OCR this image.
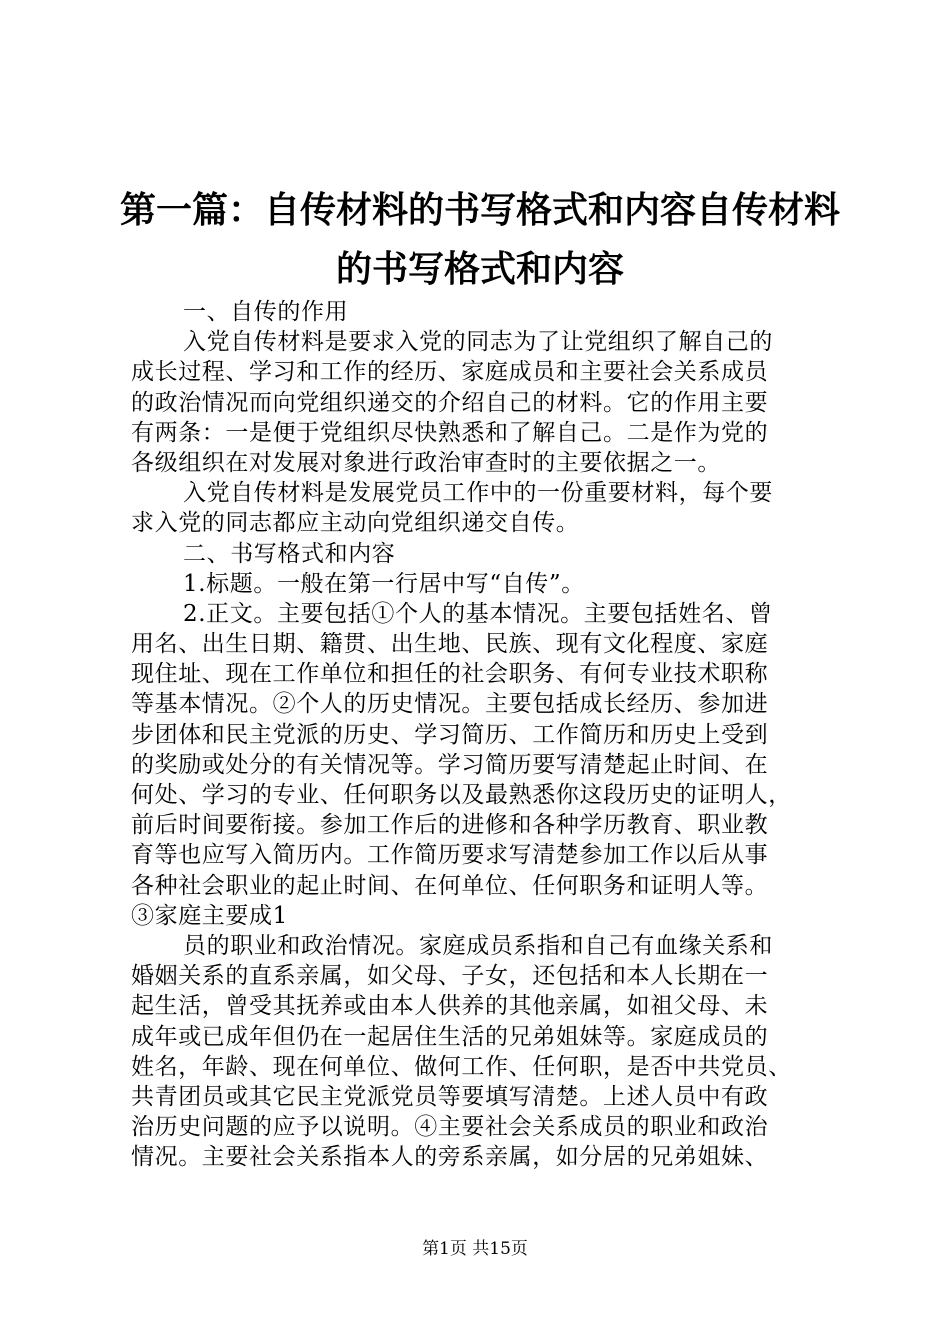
第一篇：自传材料的书写格式和内容自传材料
的书写格式和内容
一、自传的作用
入党自传材料是要求入党的同志为了让党组织了解自己的
成长过程、学习和工作的经历、家庭成员和主要社会关系成员
的政治情况而向党组织递交的介绍自己的材料。它的作用主要
有两条：一是便于党组织尽快熟悉和了解自己。二是作为党的
各级组织在对发展对象进行政治审查时的主要依据之一。
入党自传材料是发展党员工作中的一份重要材料，每个要
求入党的同志都应主动向党组织递交自传。
二、书写格式和内容
1.标题。一般在第一行居中写“自传”。
2.正文。主要包括①个人的基本情况。主要包括姓名、曾
用名、出生日期、籍贯、出生地、民族、现有文化程度、家庭
现住址、现在工作单位和担任的社会职务、有何专业技术职称
等基本情况。②个人的历史情况。主要包括成长经历、参加进
步团体和民主党派的历史、学习简历、工作简历和历史上受到
的奖励或处分的有关情况等。学习简历要写清楚起止时间、在
何处、学习的专业、任何职务以及最熟悉你这段历史的证明人，
前后时间要衔接。参加工作后的进修和各种学历教育、职业教
育等也应写入简历内。工作简历要求写清楚参加工作以后从事
各种社会职业的起止时间、在何单位、任何职务和证明人等。
③家庭主要成1
员的职业和政治情况。家庭成员系指和自己有血缘关系和
婚姻关系的直系亲属，如父母、子女，还包括和本人长期在一
起生活，曾受其抚养或由本人供养的其他亲属，如祖父母、未
成年或已成年但仍在一起居住生活的兄弟姐妹等。家庭成员的
姓名，年龄、现在何单位、做何工作、任何职，是否中共党员、
共青团员或其它民主党派党员等要填写清楚。上述人员中有政
治历史问题的应予以说明。④主要社会关系成员的职业和政治
情况。主要社会关系指本人的旁系亲属，如分居的兄弟姐妹、
第1页 共15页
